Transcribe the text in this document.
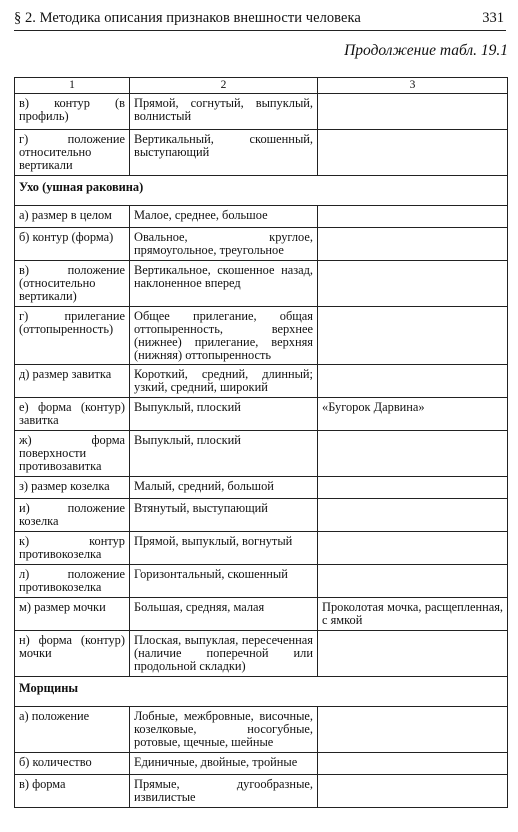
§ 2. Методика описания признаков внешности человека	331
Продолжение табл. 19.1
1	2	3
в) контур (в профиль)	Прямой, согнутый, выпуклый, волнистый	
г) положение относительно вертикали	Вертикальный, скошенный, выступающий	
Ухо (ушная раковина)		
а) размер в целом	Малое, среднее, большое	
б) контур (форма)	Овальное, круглое, прямоугольное, треугольное	
в) положение (относительно вертикали)	Вертикальное, скошенное назад, наклоненное вперед	
г) прилегание (оттопыренность)	Общее прилегание, общая оттопыренность, верхнее (нижнее) прилегание, верхняя (нижняя) оттопыренность	
д) размер завитка	Короткий, средний, длинный; узкий, средний, широкий	
е) форма (контур) завитка	Выпуклый, плоский	«Бугорок Дарвина»
ж) форма поверхности противозавитка	Выпуклый, плоский	
з) размер козелка	Малый, средний, большой	
и) положение козелка	Втянутый, выступающий	
к) контур противокозелка	Прямой, выпуклый, вогнутый	
л) положение противокозелка	Горизонтальный, скошенный	
м) размер мочки	Большая, средняя, малая	Проколотая мочка, расщепленная, с ямкой
н) форма (контур) мочки	Плоская, выпуклая, пересеченная (наличие поперечной или продольной складки)	
Морщины		
а) положение	Лобные, межбровные, височные, козелковые, носогубные, ротовые, щечные, шейные	
б) количество	Единичные, двойные, тройные	
в) форма	Прямые, дугообразные, извилистые	
